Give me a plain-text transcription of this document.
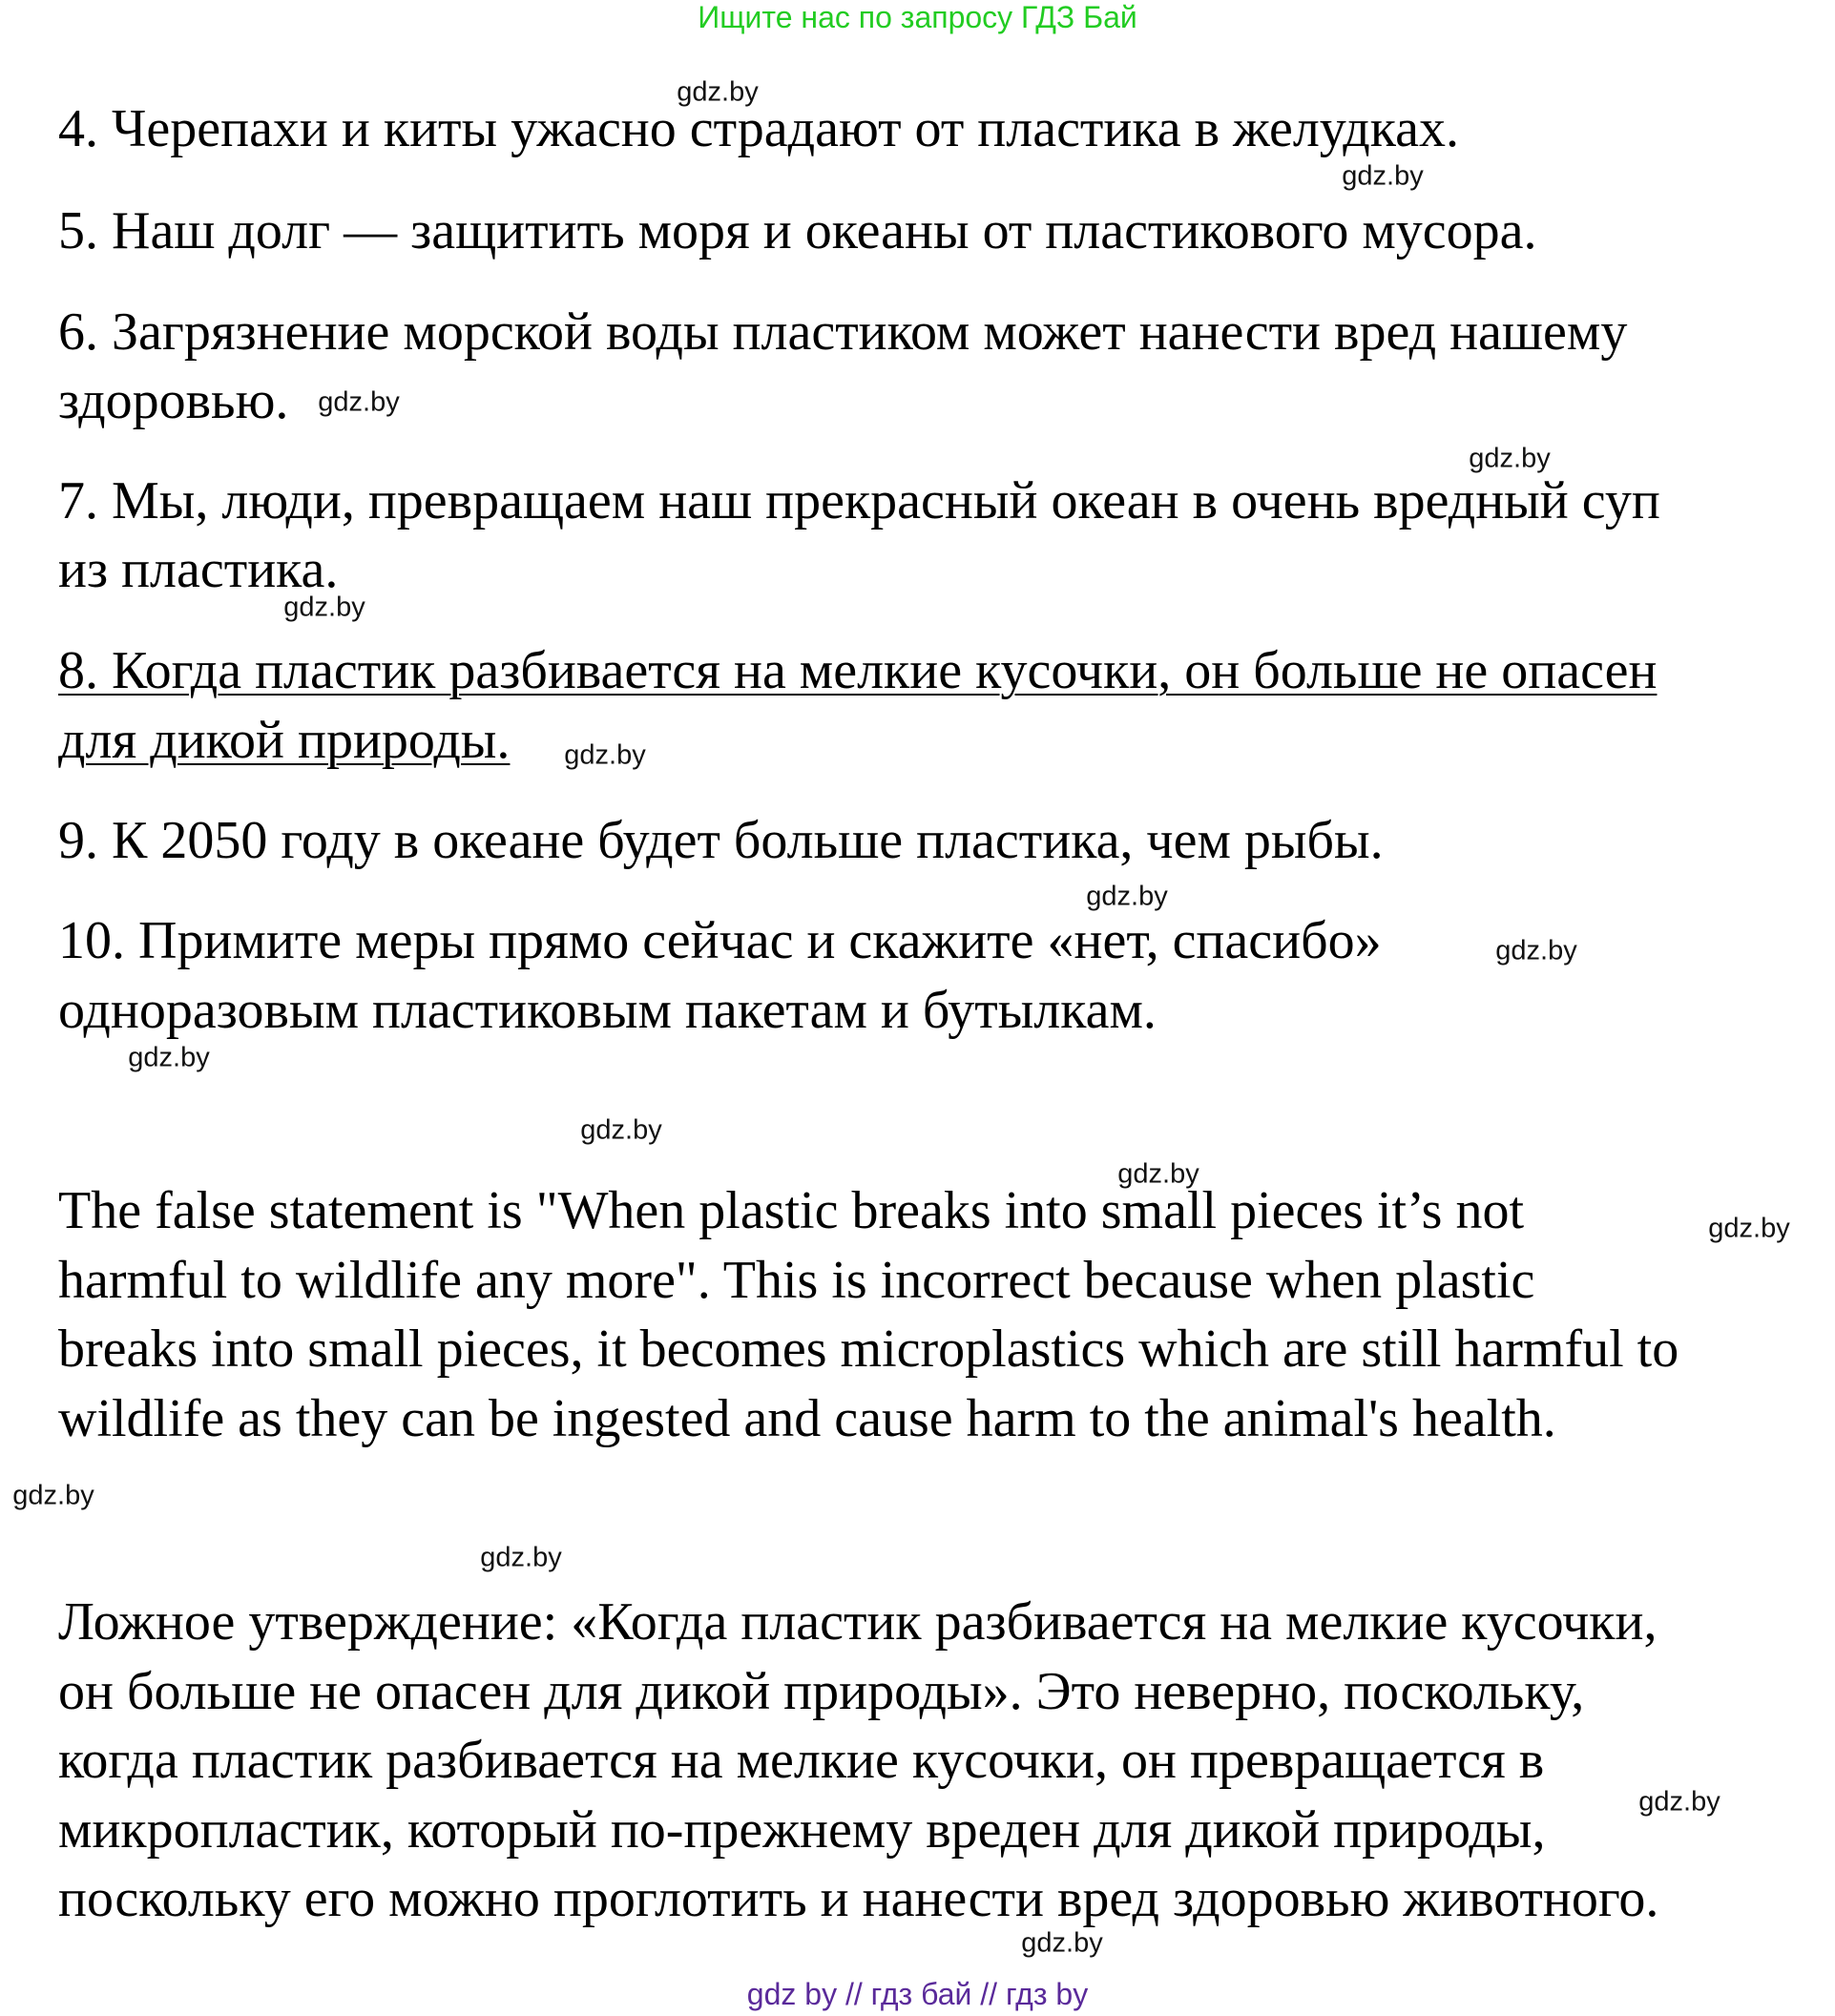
Ищите нас по запросу ГДЗ Бай
4. Черепахи и киты ужасно страдают от пластика в желудках.
5. Наш долг — защитить моря и океаны от пластикового мусора.
6. Загрязнение морской воды пластиком может нанести вред нашему
здоровью.
7. Мы, люди, превращаем наш прекрасный океан в очень вредный суп
из пластика.
8. Когда пластик разбивается на мелкие кусочки, он больше не опасен
для дикой природы.
9. К 2050 году в океане будет больше пластика, чем рыбы.
10. Примите меры прямо сейчас и скажите «нет, спасибо»
одноразовым пластиковым пакетам и бутылкам.
The false statement is "When plastic breaks into small pieces it’s not
harmful to wildlife any more". This is incorrect because when plastic
breaks into small pieces, it becomes microplastics which are still harmful to
wildlife as they can be ingested and cause harm to the animal's health.
Ложное утверждение: «Когда пластик разбивается на мелкие кусочки,
он больше не опасен для дикой природы». Это неверно, поскольку,
когда пластик разбивается на мелкие кусочки, он превращается в
микропластик, который по-прежнему вреден для дикой природы,
поскольку его можно проглотить и нанести вред здоровью животного.
gdz.by
gdz.by
gdz.by
gdz.by
gdz.by
gdz.by
gdz.by
gdz.by
gdz.by
gdz.by
gdz.by
gdz.by
gdz.by
gdz.by
gdz.by
gdz.by
gdz by // гдз бай // гдз by
